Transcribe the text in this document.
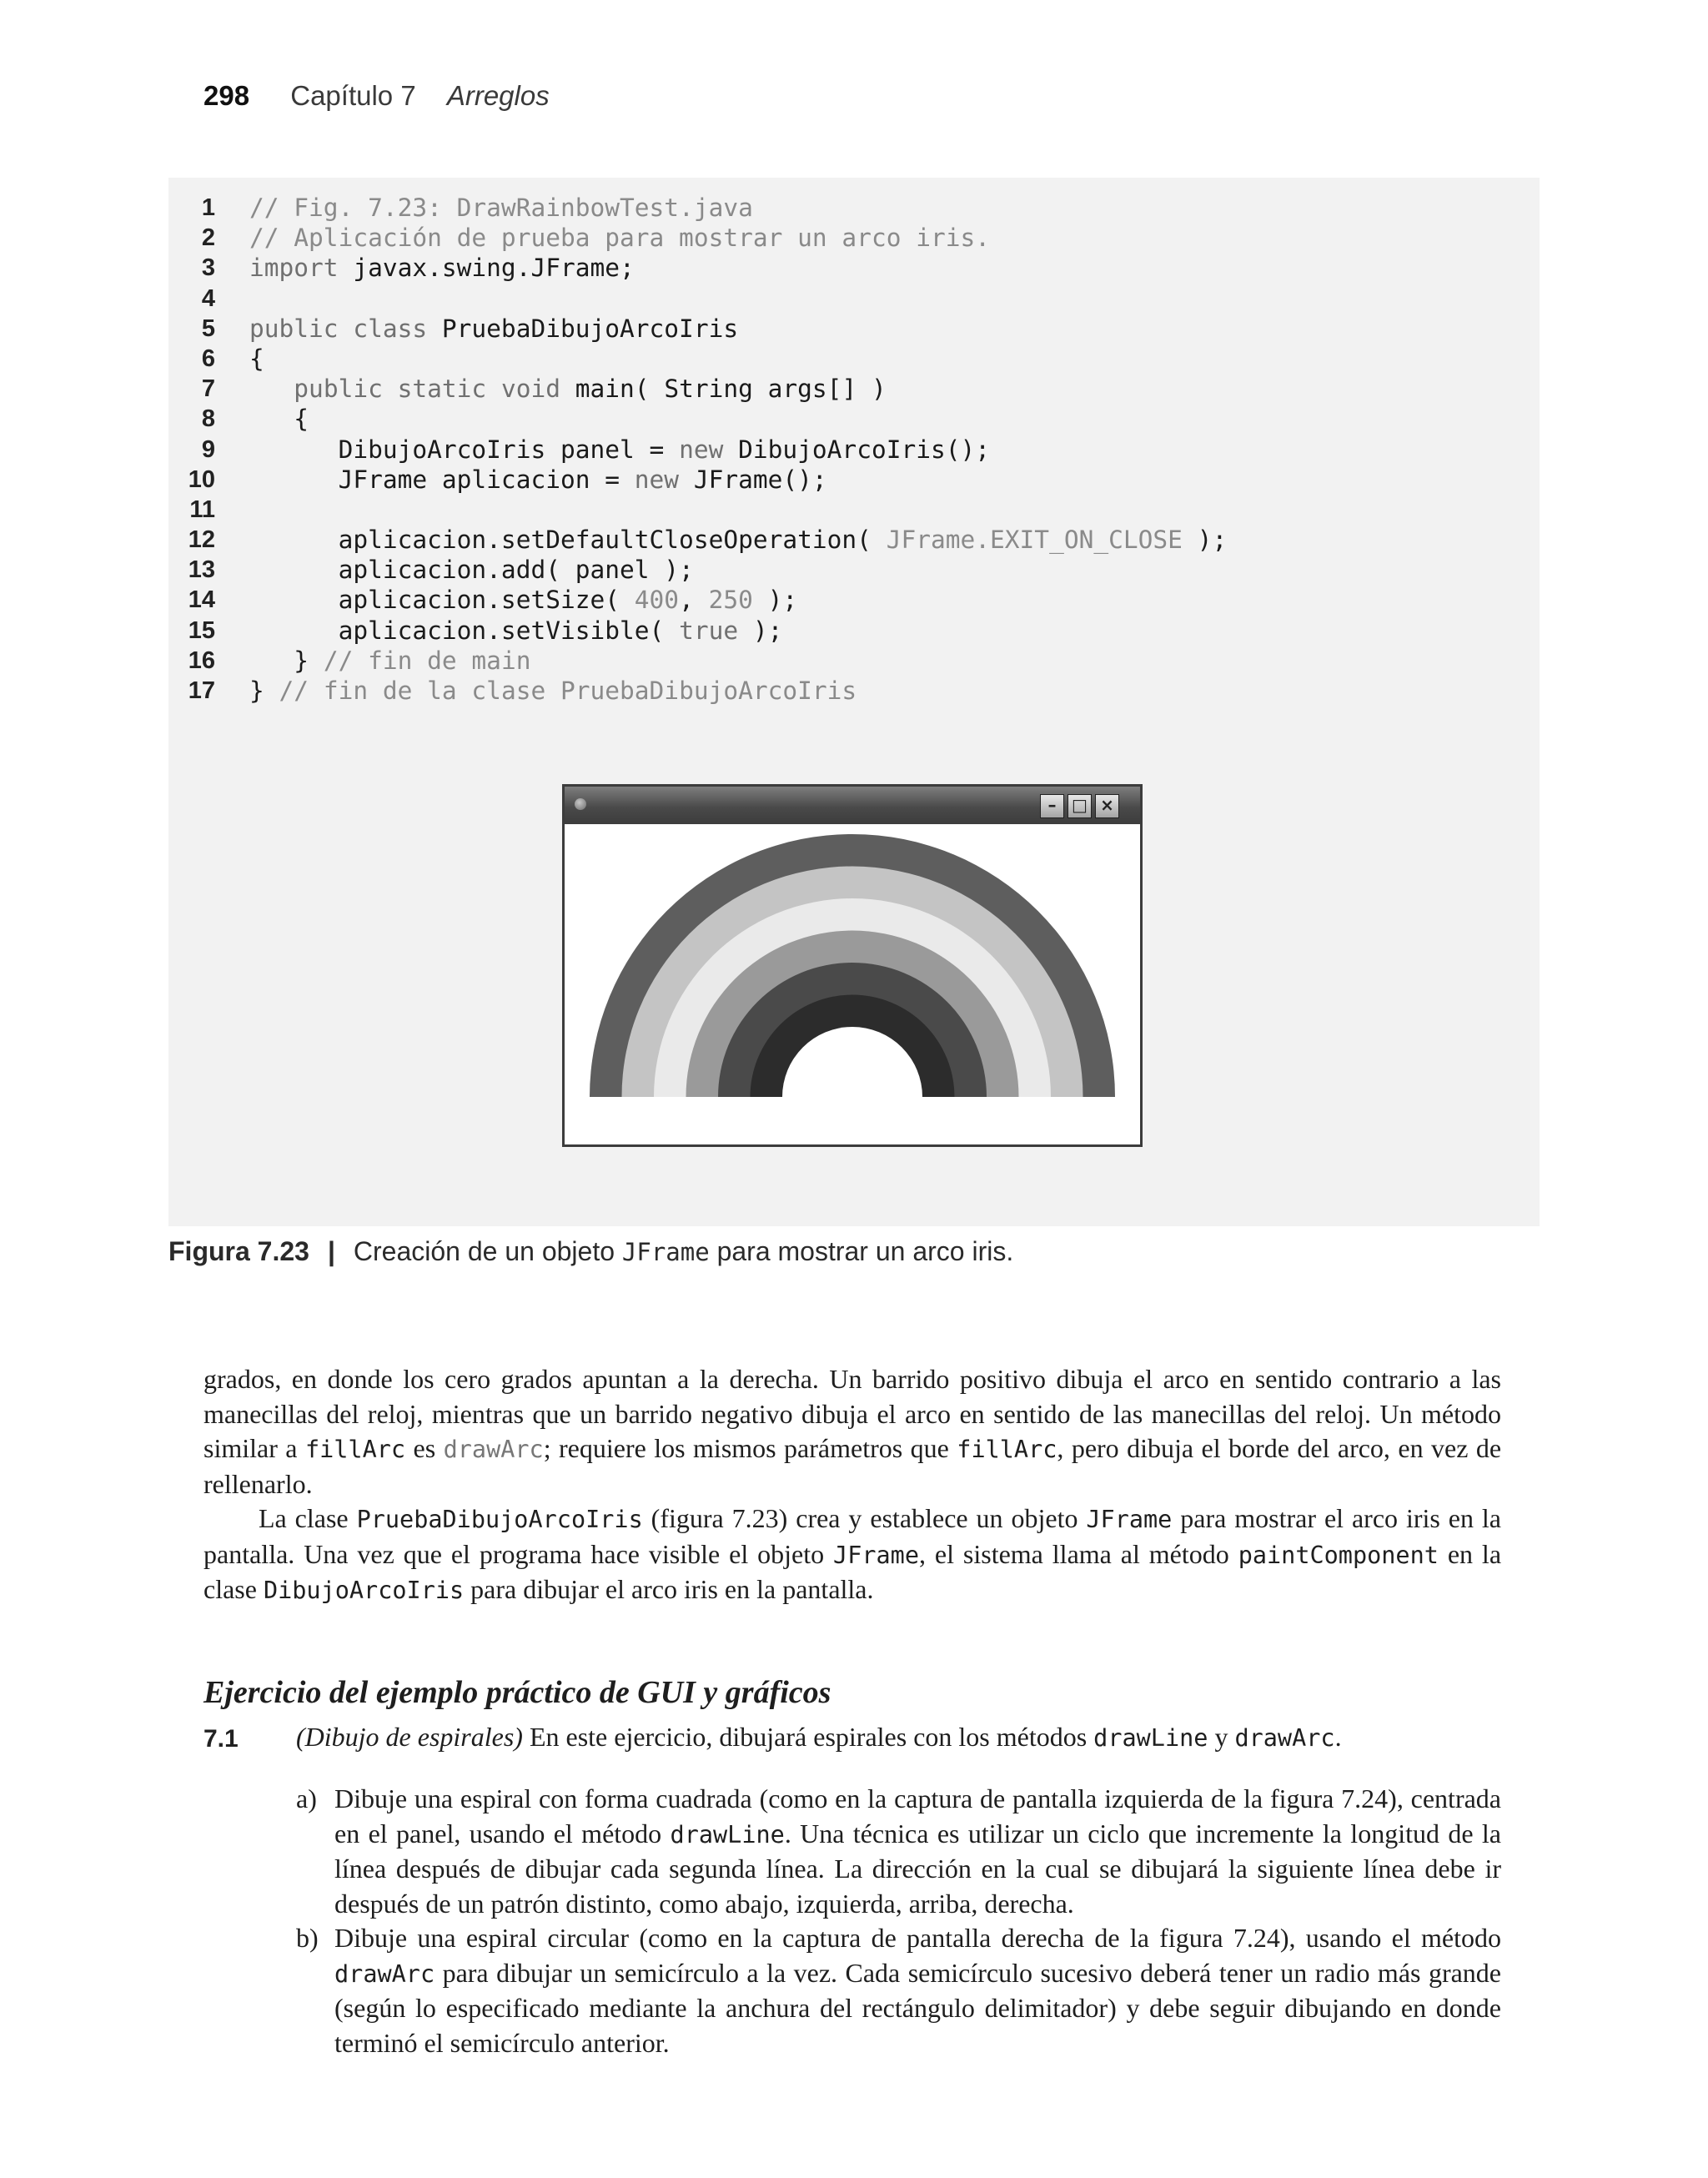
298 Capítulo 7 Arreglos
1 // Fig. 7.23: DrawRainbowTest.java
2 // Aplicación de prueba para mostrar un arco iris.
3 import javax.swing.JFrame;
4
5 public class PruebaDibujoArcoIris
6 {
7	public static void main( String args[] )
8 {
9 DibujoArcoIris panel = new DibujoArcoIris();
10 JFrame aplicacion = new JFrame();
11
12 aplicacion.setDefaultCloseOperation( JFrame.EXIT_ON_CLOSE );
13 aplicacion.add( panel );
14 aplicacion.setSize( 400, 250 );
15 aplicacion.setVisible( true );
16 } // fin de main
17 } // fin de la clase PruebaDibujoArcoIris
– □ ×
Figura 7.23 | Creación de un objeto JFrame para mostrar un arco iris.

grados, en donde los cero grados apuntan a la derecha. Un barrido positivo dibuja el arco en sentido contrario a las manecillas del reloj, mientras que un barrido negativo dibuja el arco en sentido de las manecillas del reloj. Un método similar a fillArc es drawArc; requiere los mismos parámetros que fillArc, pero dibuja el borde del arco, en vez de rellenarlo.

La clase PruebaDibujoArcoIris (figura 7.23) crea y establece un objeto JFrame para mostrar el arco iris en la pantalla. Una vez que el programa hace visible el objeto JFrame, el sistema llama al método paintComponent en la clase DibujoArcoIris para dibujar el arco iris en la pantalla.

Ejercicio del ejemplo práctico de GUI y gráficos
7.1 (Dibujo de espirales) En este ejercicio, dibujará espirales con los métodos drawLine y drawArc.
a) Dibuje una espiral con forma cuadrada (como en la captura de pantalla izquierda de la figura 7.24), centrada en el panel, usando el método drawLine. Una técnica es utilizar un ciclo que incremente la longitud de la línea después de dibujar cada segunda línea. La dirección en la cual se dibujará la siguiente línea debe ir después de un patrón distinto, como abajo, izquierda, arriba, derecha.
b) Dibuje una espiral circular (como en la captura de pantalla derecha de la figura 7.24), usando el método drawArc para dibujar un semicírculo a la vez. Cada semicírculo sucesivo deberá tener un radio más grande (según lo especificado mediante la anchura del rectángulo delimitador) y debe seguir dibujando en donde terminó el semicírculo anterior.
